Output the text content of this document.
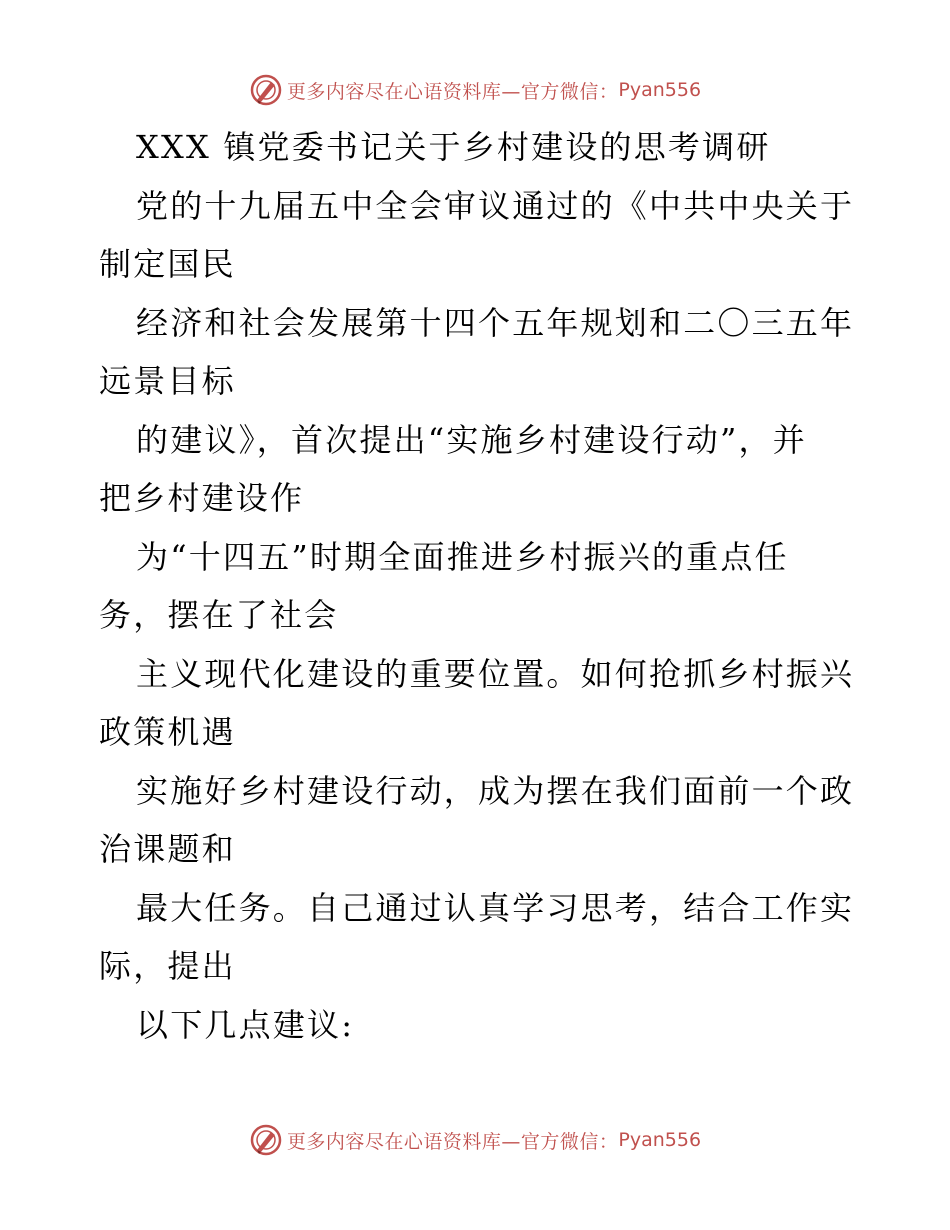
更多内容尽在心语资料库—官方微信： Pyan556
XXX 镇党委书记关于乡村建设的思考调研
党的十九届五中全会审议通过的《中共中央关于
制定国民
经济和社会发展第十四个五年规划和二〇三五年
远景目标
的建议》，首次提出“实施乡村建设行动”，并
把乡村建设作
为“十四五”时期全面推进乡村振兴的重点任
务，摆在了社会
主义现代化建设的重要位置。如何抢抓乡村振兴
政策机遇
实施好乡村建设行动，成为摆在我们面前一个政
治课题和
最大任务。自己通过认真学习思考，结合工作实
际，提出
以下几点建议:
更多内容尽在心语资料库—官方微信： Pyan556
